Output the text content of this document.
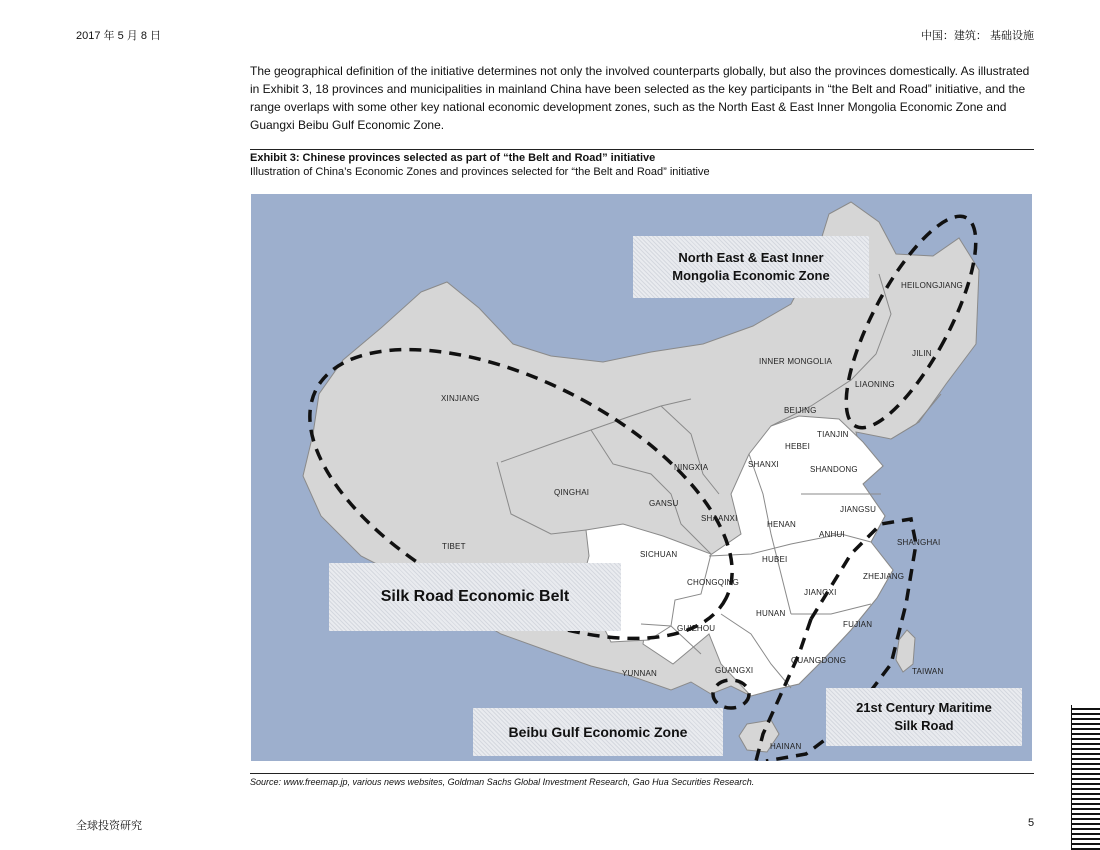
2017 年 5 月 8 日	中国：建筑： 基础设施

The geographical definition of the initiative determines not only the involved counterparts globally, but also the provinces domestically. As illustrated in Exhibit 3, 18 provinces and municipalities in mainland China have been selected as the key participants in “the Belt and Road” initiative, and the range overlaps with some other key national economic development zones, such as the North East & East Inner Mongolia Economic Zone and Guangxi Beibu Gulf Economic Zone.

Exhibit 3: Chinese provinces selected as part of “the Belt and Road” initiative
Illustration of China’s Economic Zones and provinces selected for “the Belt and Road” initiative
HEILONGJIANG
JILIN
LIAONING
INNER MONGOLIA
XINJIANG
BEIJING
TIANJIN
HEBEI
SHANXI
SHANDONG
NINGXIA
QINGHAI
GANSU
SHAANXI
HENAN
JIANGSU
ANHUI
TIBET
SICHUAN
HUBEI
SHANGHAI
CHONGQING
ZHEJIANG
JIANGXI
HUNAN
GUIZHOU	FUJIAN
YUNNAN	GUANGXI
GUANGDONG
TAIWAN
HAINAN
North East & East Inner
Mongolia Economic Zone
Silk Road Economic Belt
Beibu Gulf Economic Zone
21st Century Maritime
Silk Road
Source: www.freemap.jp, various news websites, Goldman Sachs Global Investment Research, Gao Hua Securities Research.
全球投资研究	5
